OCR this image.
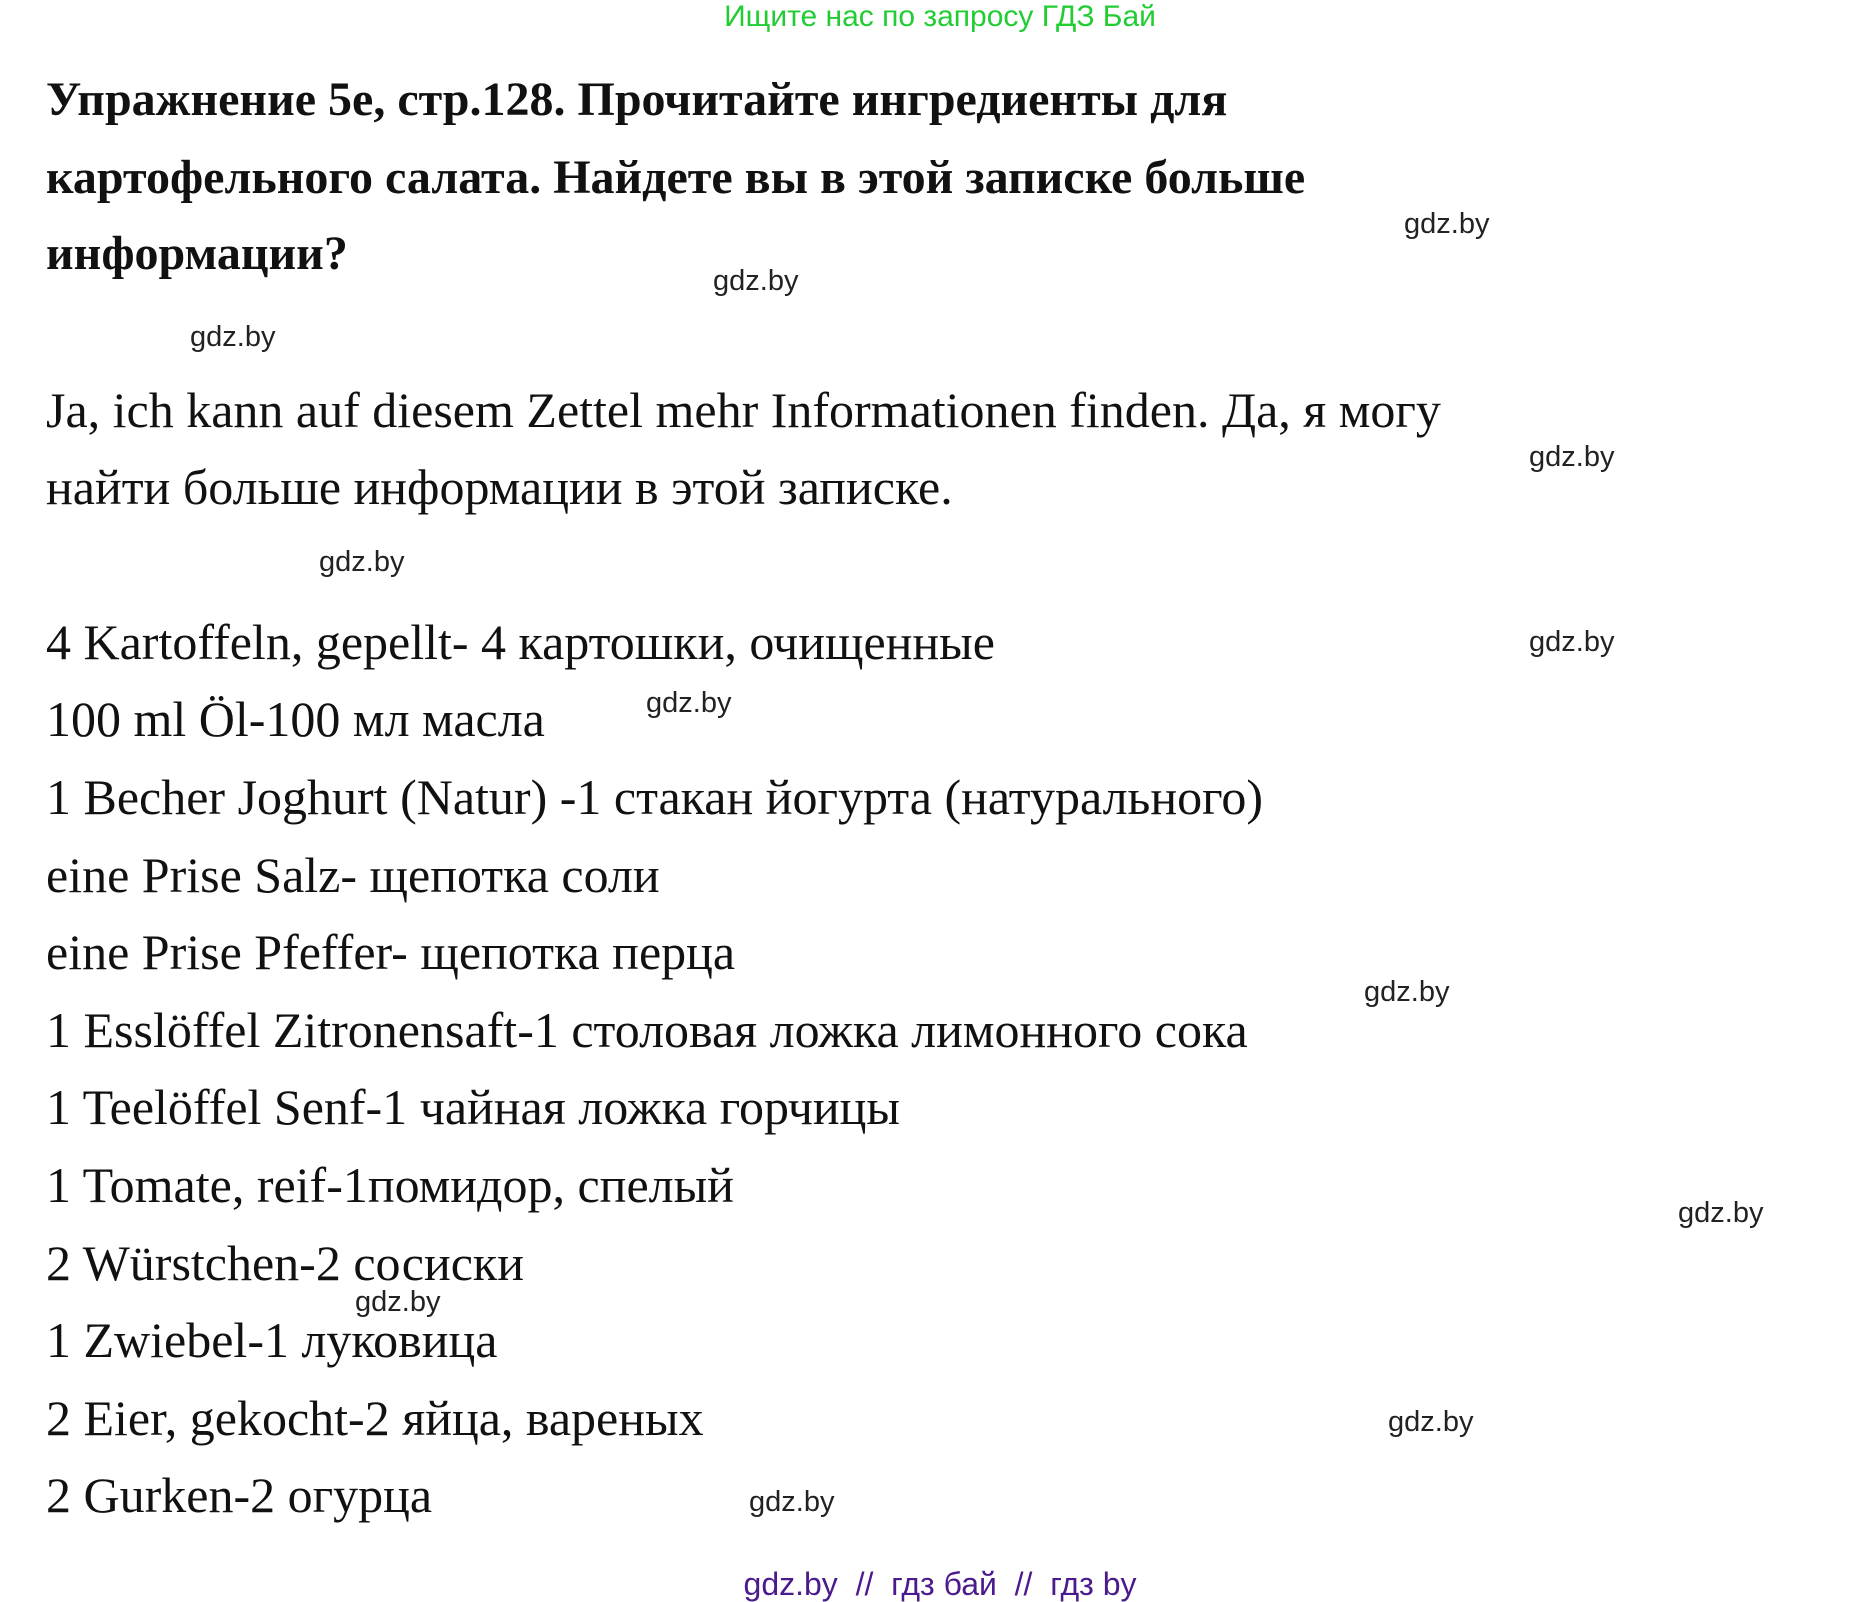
Ищите нас по запросу ГДЗ Бай
Упражнение 5е, стр.128. Прочитайте ингредиенты для
картофельного салата. Найдете вы в этой записке больше
информации?
Ja, ich kann auf diesem Zettel mehr Informationen finden. Да, я могу
найти больше информации в этой записке.
4 Kartoffeln, gepellt- 4 картошки, очищенные
100 ml Öl-100 мл масла
1 Becher Joghurt (Natur) -1 стакан йогурта (натурального)
eine Prise Salz- щепотка соли
eine Prise Pfeffer- щепотка перца
1 Esslöffel Zitronensaft-1 столовая ложка лимонного сока
1 Teelöffel Senf-1 чайная ложка горчицы
1 Tomate, reif-1помидор, спелый
2 Würstchen-2 сосиски
1 Zwiebel-1 луковица
2 Eier, gekocht-2 яйца, вареных
2 Gurken-2 огурца
gdz.by
gdz.by
gdz.by
gdz.by
gdz.by
gdz.by
gdz.by
gdz.by
gdz.by
gdz.by
gdz.by
gdz.by
gdz.by  //  гдз бай  //  гдз by
